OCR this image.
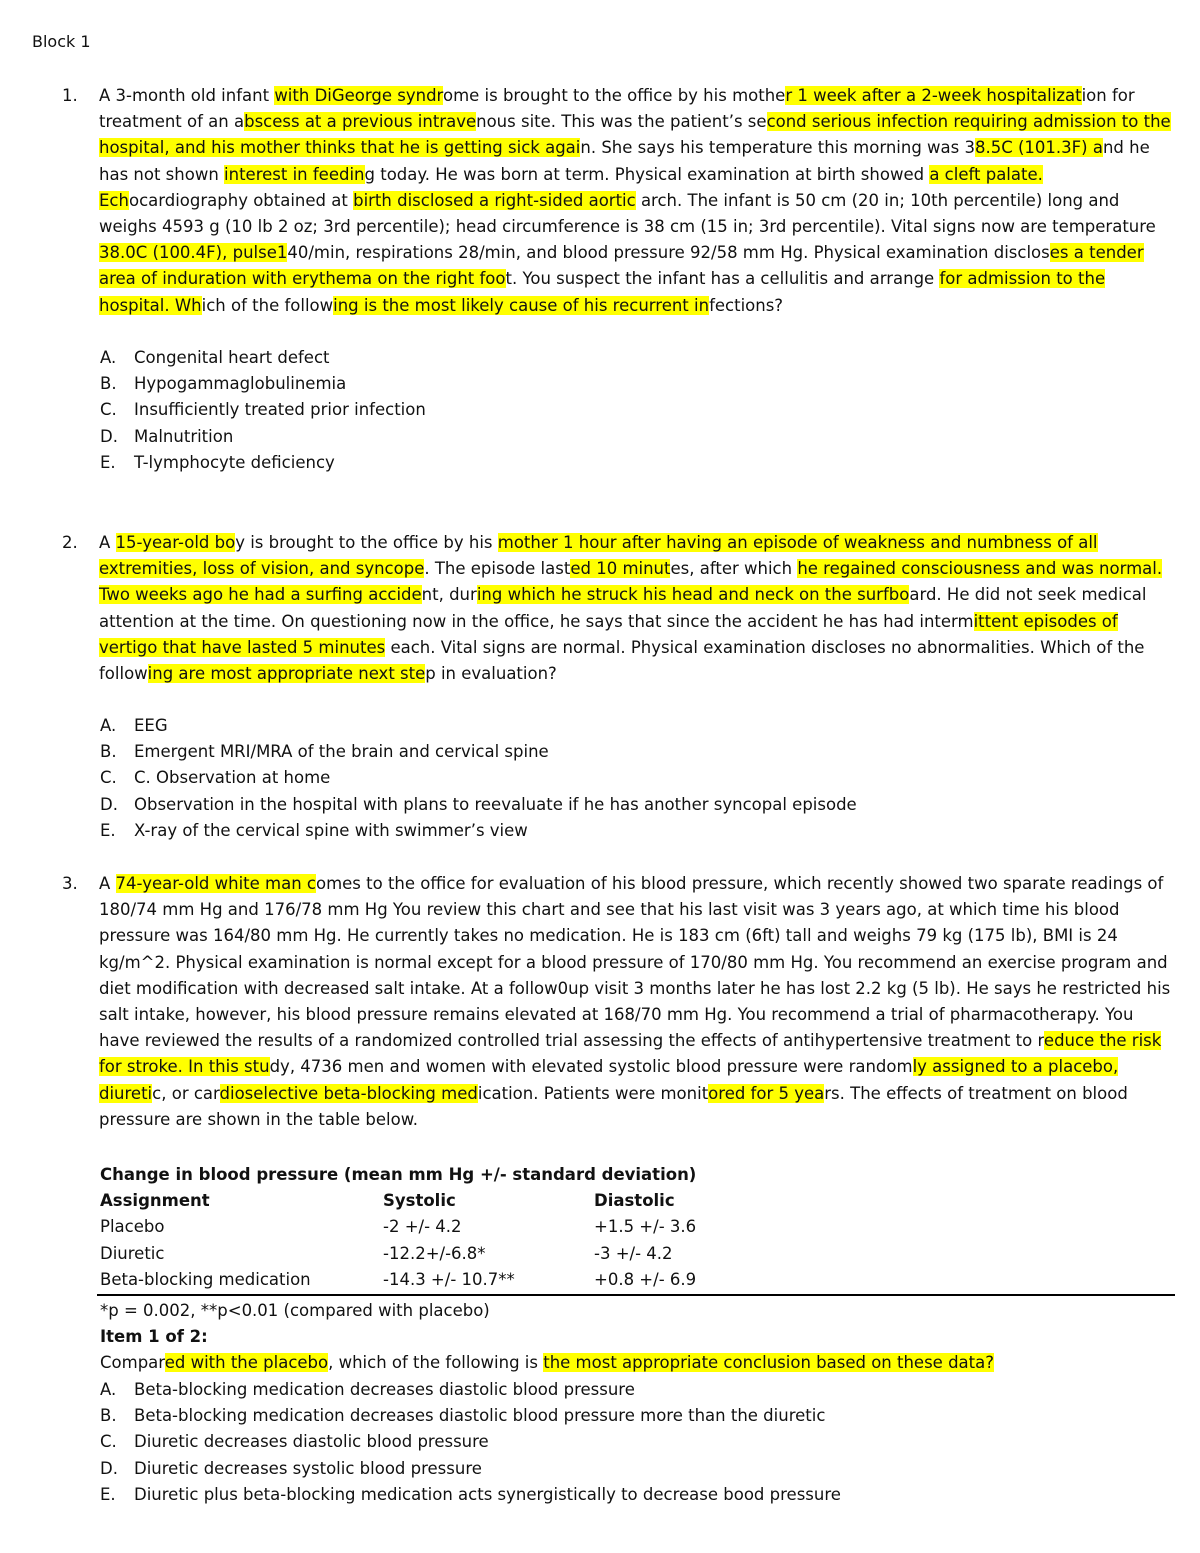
Block 1
1.	A 3-month old infant with DiGeorge syndrome is brought to the office by his mother 1 week after a 2-week hospitalization for treatment of an abscess at a previous intravenous site. This was the patient’s second serious infection requiring admission to the hospital, and his mother thinks that he is getting sick again. She says his temperature this morning was 38.5C (101.3F) and he has not shown interest in feeding today. He was born at term. Physical examination at birth showed a cleft palate. Echocardiography obtained at birth disclosed a right-sided aortic arch. The infant is 50 cm (20 in; 10th percentile) long and weighs 4593 g (10 lb 2 oz; 3rd percentile); head circumference is 38 cm (15 in; 3rd percentile). Vital signs now are temperature 38.0C (100.4F), pulse140/min, respirations 28/min, and blood pressure 92/58 mm Hg. Physical examination discloses a tender area of induration with erythema on the right foot. You suspect the infant has a cellulitis and arrange for admission to the hospital. Which of the following is the most likely cause of his recurrent infections?
A.	Congenital heart defect
B.	Hypogammaglobulinemia
C.	Insufficiently treated prior infection
D. Malnutrition
E.	T-lymphocyte deficiency
2.	A 15-year-old boy is brought to the office by his mother 1 hour after having an episode of weakness and numbness of all extremities, loss of vision, and syncope. The episode lasted 10 minutes, after which he regained consciousness and was normal. Two weeks ago he had a surfing accident, during which he struck his head and neck on the surfboard. He did not seek medical attention at the time. On questioning now in the office, he says that since the accident he has had intermittent episodes of vertigo that have lasted 5 minutes each. Vital signs are normal. Physical examination discloses no abnormalities. Which of the following are most appropriate next step in evaluation?
A.	EEG
B.	Emergent MRI/MRA of the brain and cervical spine
C.	C. Observation at home
D. Observation in the hospital with plans to reevaluate if he has another syncopal episode
E.	X-ray of the cervical spine with swimmer’s view
3.	A 74-year-old white man comes to the office for evaluation of his blood pressure, which recently showed two sparate readings of 180/74 mm Hg and 176/78 mm Hg You review this chart and see that his last visit was 3 years ago, at which time his blood pressure was 164/80 mm Hg. He currently takes no medication. He is 183 cm (6ft) tall and weighs 79 kg (175 lb), BMI is 24 kg/m^2. Physical examination is normal except for a blood pressure of 170/80 mm Hg. You recommend an exercise program and diet modification with decreased salt intake. At a follow0up visit 3 months later he has lost 2.2 kg (5 lb). He says he restricted his salt intake, however, his blood pressure remains elevated at 168/70 mm Hg. You recommend a trial of pharmacotherapy. You have reviewed the results of a randomized controlled trial assessing the effects of antihypertensive treatment to reduce the risk for stroke. In this study, 4736 men and women with elevated systolic blood pressure were randomly assigned to a placebo, diuretic, or cardioselective beta-blocking medication. Patients were monitored for 5 years. The effects of treatment on blood pressure are shown in the table below.
Change in blood pressure (mean mm Hg +/- standard deviation)
Assignment	Systolic	Diastolic
Placebo	-2 +/- 4.2	+1.5 +/- 3.6
Diuretic	-12.2+/-6.8*	-3 +/- 4.2
Beta-blocking medication	-14.3 +/- 10.7**	+0.8 +/- 6.9
*p = 0.002, **p<0.01 (compared with placebo)
Item 1 of 2:
Compared with the placebo, which of the following is the most appropriate conclusion based on these data?
A.	Beta-blocking medication decreases diastolic blood pressure
B.	Beta-blocking medication decreases diastolic blood pressure more than the diuretic
C.	Diuretic decreases diastolic blood pressure
D. Diuretic decreases systolic blood pressure
E.	Diuretic plus beta-blocking medication acts synergistically to decrease bood pressure
